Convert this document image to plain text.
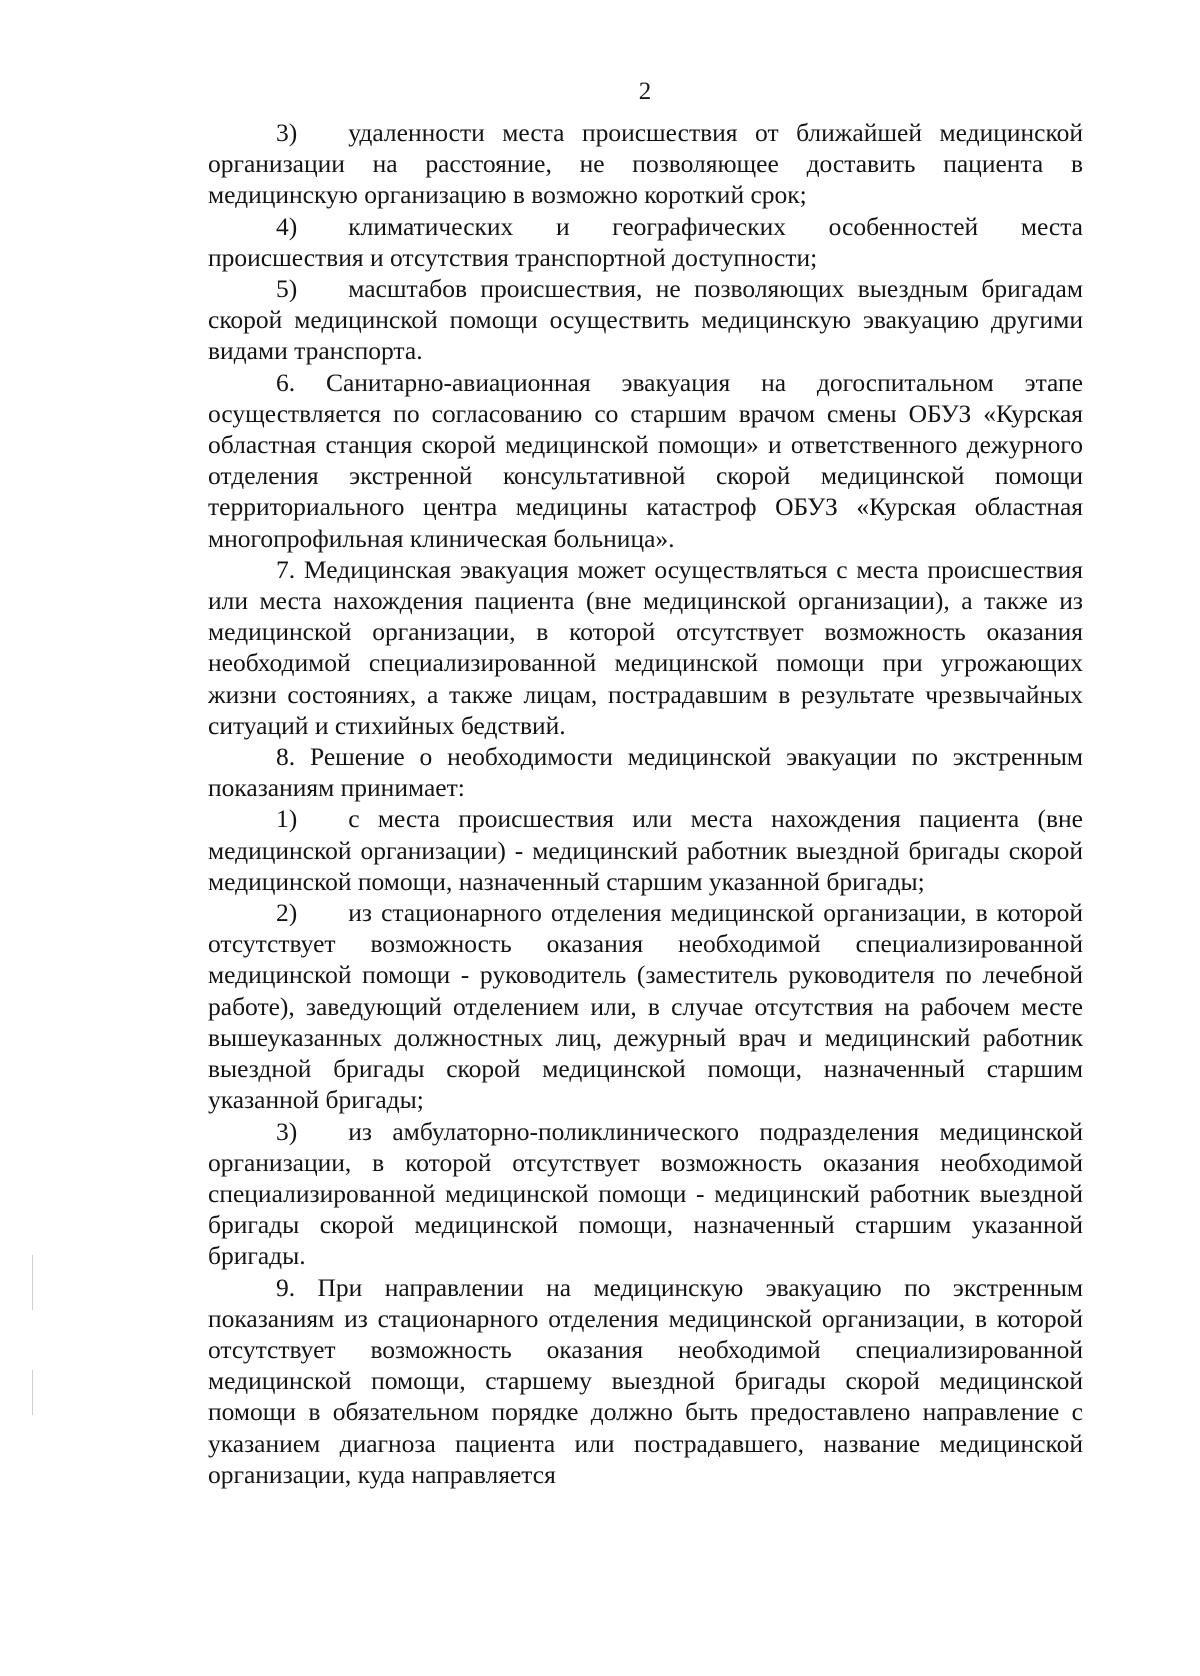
2

3)  удаленности места происшествия от ближайшей медицинской организации на расстояние, не позволяющее доставить пациента в медицинскую организацию в возможно короткий срок;

4)  климатических и географических особенностей места происшествия и отсутствия транспортной доступности;

5)  масштабов происшествия, не позволяющих выездным бригадам скорой медицинской помощи осуществить медицинскую эвакуацию другими видами транспорта.

6. Санитарно-авиационная эвакуация на догоспитальном этапе осуществляется по согласованию со старшим врачом смены ОБУЗ «Курская областная станция скорой медицинской помощи» и ответственного дежурного отделения экстренной консультативной скорой медицинской помощи территориального центра медицины катастроф ОБУЗ «Курская областная многопрофильная клиническая больница».

7. Медицинская эвакуация может осуществляться с места происшествия или места нахождения пациента (вне медицинской организации), а также из медицинской организации, в которой отсутствует возможность оказания необходимой специализированной медицинской помощи при угрожающих жизни состояниях, а также лицам, пострадавшим в результате чрезвычайных ситуаций и стихийных бедствий.

8. Решение о необходимости медицинской эвакуации по экстренным показаниям принимает:

1)  с места происшествия или места нахождения пациента (вне медицинской организации) - медицинский работник выездной бригады скорой медицинской помощи, назначенный старшим указанной бригады;

2)  из стационарного отделения медицинской организации, в которой отсутствует возможность оказания необходимой специализированной медицинской помощи - руководитель (заместитель руководителя по лечебной работе), заведующий отделением или, в случае отсутствия на рабочем месте вышеуказанных должностных лиц, дежурный врач и медицинский работник выездной бригады скорой медицинской помощи, назначенный старшим указанной бригады;

3)  из амбулаторно-поликлинического подразделения медицинской организации, в которой отсутствует возможность оказания необходимой специализированной медицинской помощи - медицинский работник выездной бригады скорой медицинской помощи, назначенный старшим указанной бригады.

9. При направлении на медицинскую эвакуацию по экстренным показаниям из стационарного отделения медицинской организации, в которой отсутствует возможность оказания необходимой специализированной медицинской помощи, старшему выездной бригады скорой медицинской помощи в обязательном порядке должно быть предоставлено направление с указанием диагноза пациента или пострадавшего, название медицинской организации, куда направляется
